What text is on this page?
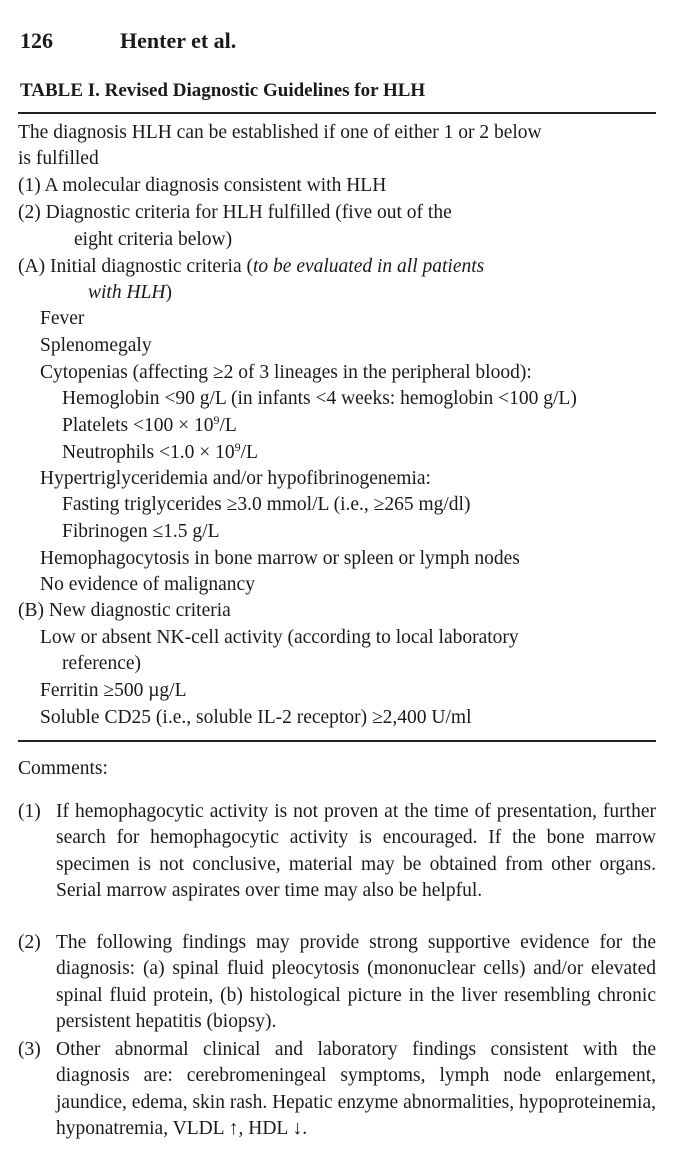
126	Henter et al.
TABLE I. Revised Diagnostic Guidelines for HLH
The diagnosis HLH can be established if one of either 1 or 2 below
is fulfilled
(1) A molecular diagnosis consistent with HLH
(2) Diagnostic criteria for HLH fulfilled (five out of the
eight criteria below)
(A) Initial diagnostic criteria (to be evaluated in all patients
with HLH)
Fever
Splenomegaly
Cytopenias (affecting ≥2 of 3 lineages in the peripheral blood):
Hemoglobin <90 g/L (in infants <4 weeks: hemoglobin <100 g/L)
Platelets $<100 \times 10^9/L$
Neutrophils $<1.0 \times 10^9/L$
Hypertriglyceridemia and/or hypofibrinogenemia:
Fasting triglycerides ≥3.0 mmol/L (i.e., ≥265 mg/dl)
Fibrinogen ≤1.5 g/L
Hemophagocytosis in bone marrow or spleen or lymph nodes
No evidence of malignancy
(B) New diagnostic criteria
Low or absent NK-cell activity (according to local laboratory
reference)
Ferritin ≥500 µg/L
Soluble CD25 (i.e., soluble IL-2 receptor) ≥2,400 U/ml
Comments:
(1) If hemophagocytic activity is not proven at the time of presentation, further search for hemophagocytic activity is encouraged. If the bone marrow specimen is not conclusive, material may be obtained from other organs. Serial marrow aspirates over time may also be helpful.
(2) The following findings may provide strong supportive evidence for the diagnosis: (a) spinal fluid pleocytosis (mononuclear cells) and/or elevated spinal fluid protein, (b) histological picture in the liver resembling chronic persistent hepatitis (biopsy).
(3) Other abnormal clinical and laboratory findings consistent with the diagnosis are: cerebromeningeal symptoms, lymph node enlargement, jaundice, edema, skin rash. Hepatic enzyme abnormalities, hypoproteinemia, hyponatremia, VLDL ↑, HDL ↓.
